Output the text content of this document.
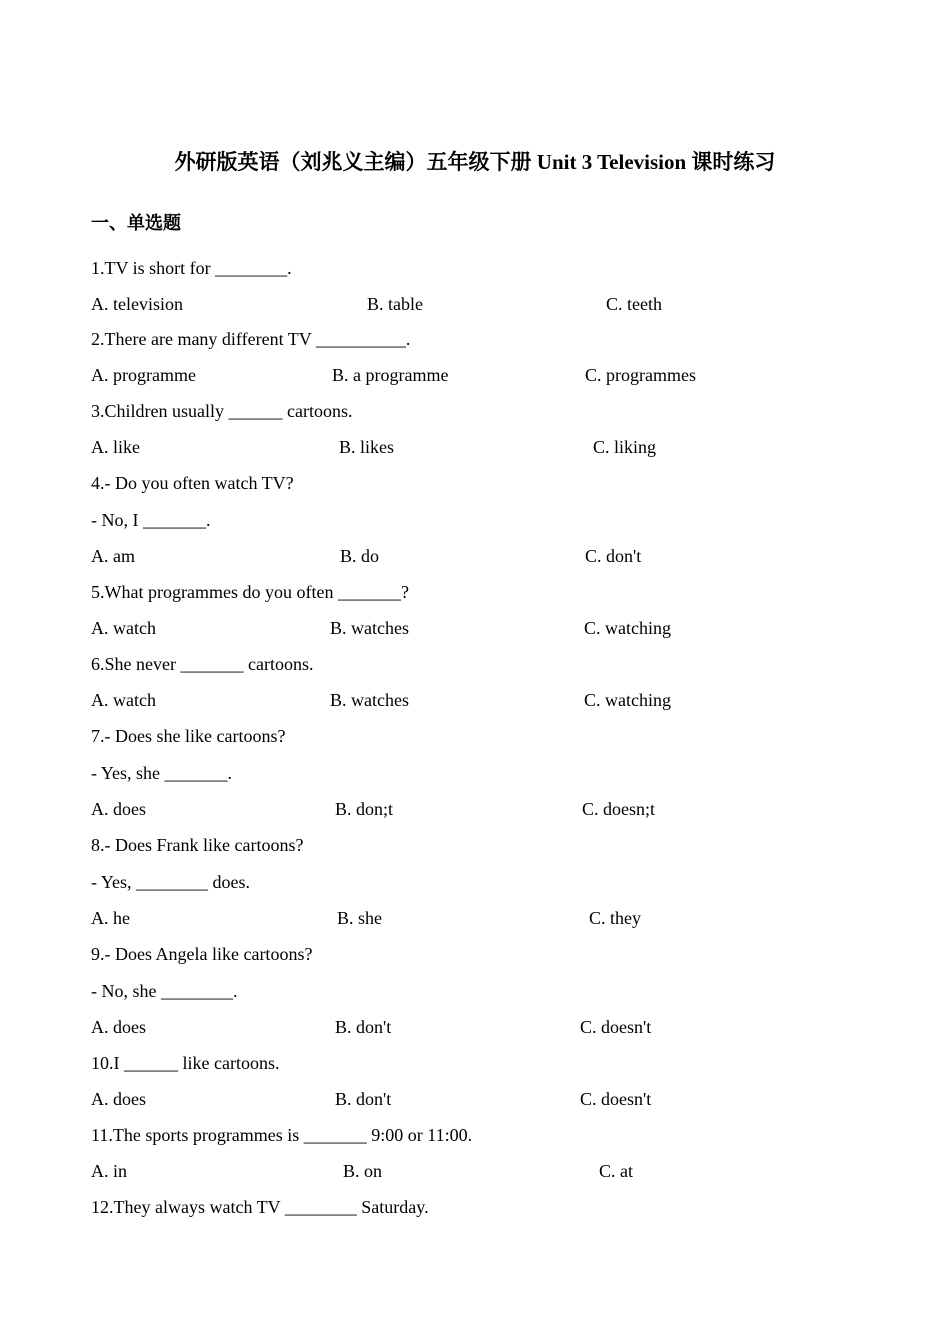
外研版英语（刘兆义主编）五年级下册 Unit 3 Television 课时练习
一、单选题
1.TV is short for ________.
A. television	B. table	C. teeth
2.There are many different TV __________.
A. programme	B. a programme	C. programmes
3.Children usually ______ cartoons.
A. like	B. likes	C. liking
4.- Do you often watch TV?
- No, I _______.
A. am	B. do	C. don't
5.What programmes do you often _______?
A. watch	B. watches	C. watching
6.She never _______ cartoons.
A. watch	B. watches	C. watching
7.- Does she like cartoons?
- Yes, she _______.
A. does	B. don;t	C. doesn;t
8.- Does Frank like cartoons?
- Yes, ________ does.
A. he	B. she	C. they
9.- Does Angela like cartoons?
- No, she ________.
A. does	B. don't	C. doesn't
10.I ______ like cartoons.
A. does	B. don't	C. doesn't
11.The sports programmes is _______ 9:00 or 11:00.
A. in	B. on	C. at
12.They always watch TV ________ Saturday.
